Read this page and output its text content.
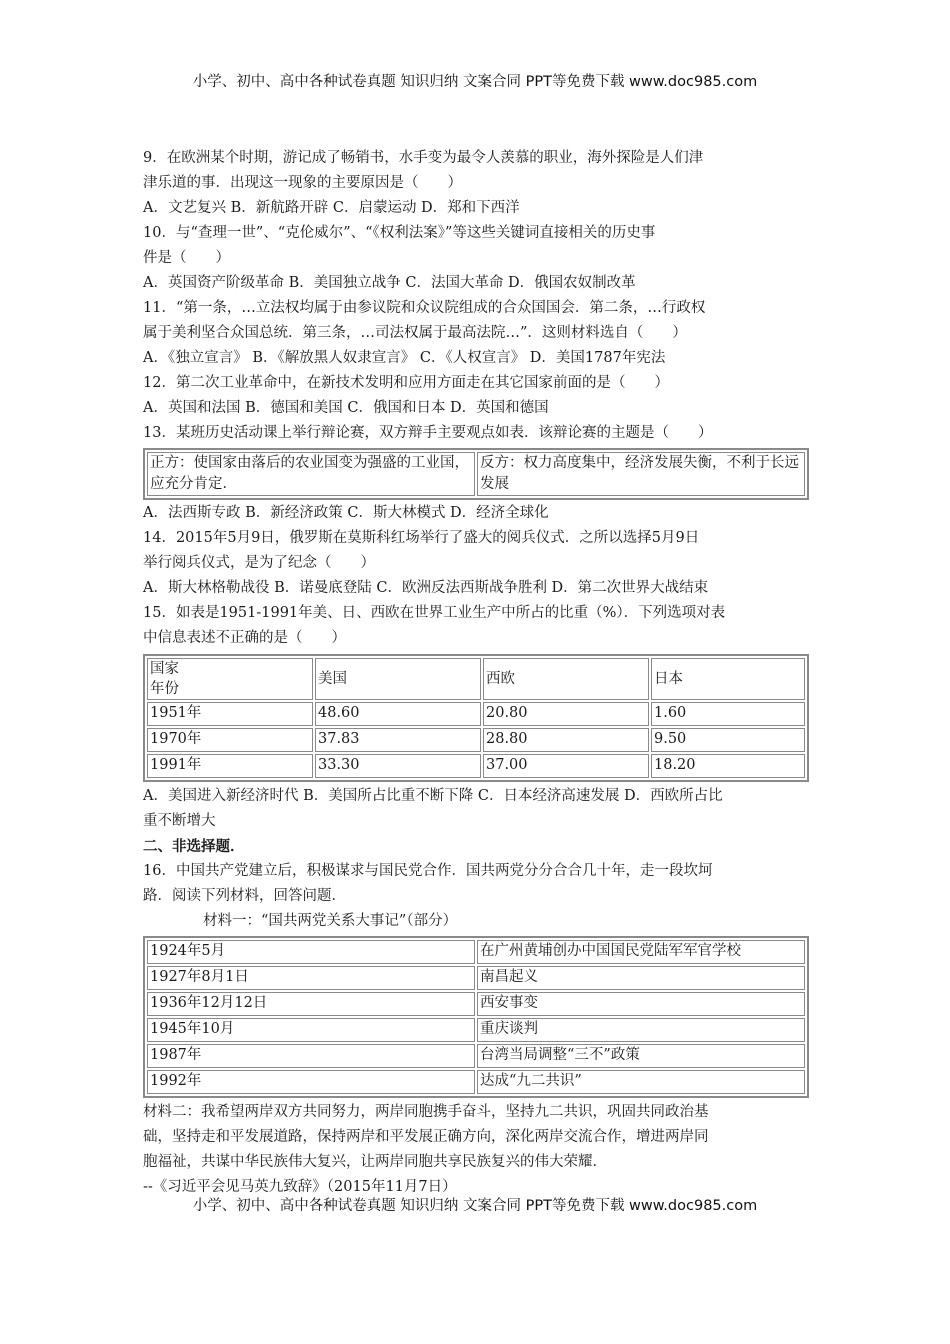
小学、初中、高中各种试卷真题 知识归纳 文案合同 PPT等免费下载 www.doc985.com

9．在欧洲某个时期，游记成了畅销书，水手变为最令人羡慕的职业，海外探险是人们津

津乐道的事．出现这一现象的主要原因是（　　）

A．文艺复兴 B．新航路开辟 C．启蒙运动 D．郑和下西洋

10．与“查理一世”、“克伦威尔”、“《权利法案》”等这些关键词直接相关的历史事

件是（　　）

A．英国资产阶级革命 B．美国独立战争 C．法国大革命 D．俄国农奴制改革

11．“第一条，…立法权均属于由参议院和众议院组成的合众国国会．第二条，…行政权

属于美利坚合众国总统．第三条，…司法权属于最高法院…”．这则材料选自（　　）

A．《独立宣言》 B．《解放黑人奴隶宣言》 C．《人权宣言》 D．美国1787年宪法

12．第二次工业革命中，在新技术发明和应用方面走在其它国家前面的是（　　）

A．英国和法国 B．德国和美国 C．俄国和日本 D．英国和德国

13．某班历史活动课上举行辩论赛，双方辩手主要观点如表．该辩论赛的主题是（　　）

正方：使国家由落后的农业国变为强盛的工业国，应充分肯定．	反方：权力高度集中，经济发展失衡，不利于长远发展

A．法西斯专政 B．新经济政策 C．斯大林模式 D．经济全球化

14．2015年5月9日，俄罗斯在莫斯科红场举行了盛大的阅兵仪式．之所以选择5月9日

举行阅兵仪式，是为了纪念（　　）

A．斯大林格勒战役 B．诺曼底登陆 C．欧洲反法西斯战争胜利 D．第二次世界大战结束

15．如表是1951-1991年美、日、西欧在世界工业生产中所占的比重（%）．下列选项对表

中信息表述不正确的是（　　）

国家
年份	美国	西欧	日本
1951年	48.60	20.80	1.60
1970年	37.83	28.80	9.50
1991年	33.30	37.00	18.20

A．美国进入新经济时代 B．美国所占比重不断下降 C．日本经济高速发展 D．西欧所占比

重不断增大

二、非选择题．

16．中国共产党建立后，积极谋求与国民党合作．国共两党分分合合几十年，走一段坎坷

路．阅读下列材料，回答问题．

材料一：“国共两党关系大事记”（部分）

1924年5月	在广州黄埔创办中国国民党陆军军官学校
1927年8月1日	南昌起义
1936年12月12日	西安事变
1945年10月	重庆谈判
1987年	台湾当局调整“三不”政策
1992年	达成“九二共识”

材料二：我希望两岸双方共同努力，两岸同胞携手奋斗，坚持九二共识，巩固共同政治基

础，坚持走和平发展道路，保持两岸和平发展正确方向，深化两岸交流合作，增进两岸同

胞福祉，共谋中华民族伟大复兴，让两岸同胞共享民族复兴的伟大荣耀．

--《习近平会见马英九致辞》（2015年11月7日）

小学、初中、高中各种试卷真题 知识归纳 文案合同 PPT等免费下载 www.doc985.com
